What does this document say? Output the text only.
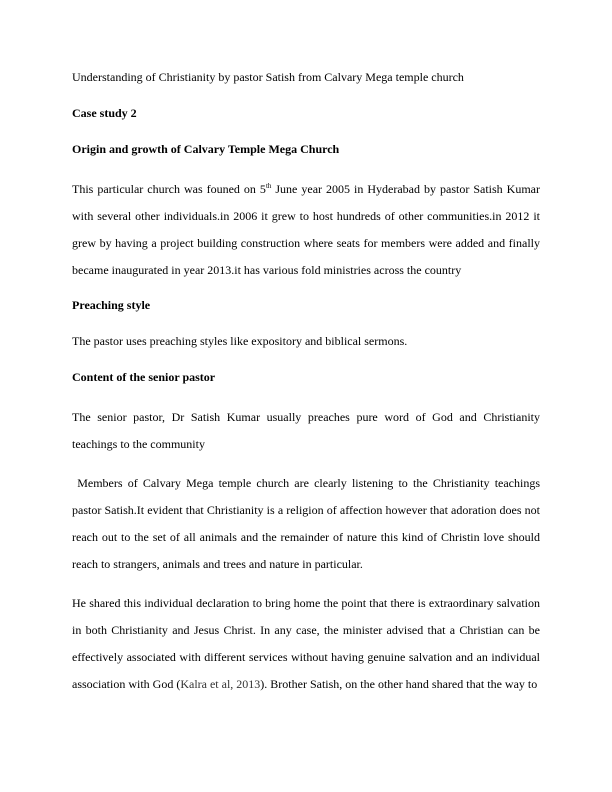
Understanding of Christianity by pastor Satish from Calvary Mega temple church

Case study 2

Origin and growth of Calvary Temple Mega Church

This particular church was founed on 5th June year 2005 in Hyderabad by pastor Satish Kumar with several other individuals.in 2006 it grew to host hundreds of other communities.in 2012 it grew by having a project building construction where seats for members were added and finally became inaugurated in year 2013.it has various fold ministries across the country

Preaching style

The pastor uses preaching styles like expository and biblical sermons.

Content of the senior pastor

The senior pastor, Dr Satish Kumar usually preaches pure word of God and Christianity teachings to the community

Members of Calvary Mega temple church are clearly listening to the Christianity teachings pastor Satish.It evident that Christianity is a religion of affection however that adoration does not reach out to the set of all animals and the remainder of nature this kind of Christin love should reach to strangers, animals and trees and nature in particular.

He shared this individual declaration to bring home the point that there is extraordinary salvation in both Christianity and Jesus Christ. In any case, the minister advised that a Christian can be effectively associated with different services without having genuine salvation and an individual association with God (Kalra et al, 2013). Brother Satish, on the other hand shared that the way to
